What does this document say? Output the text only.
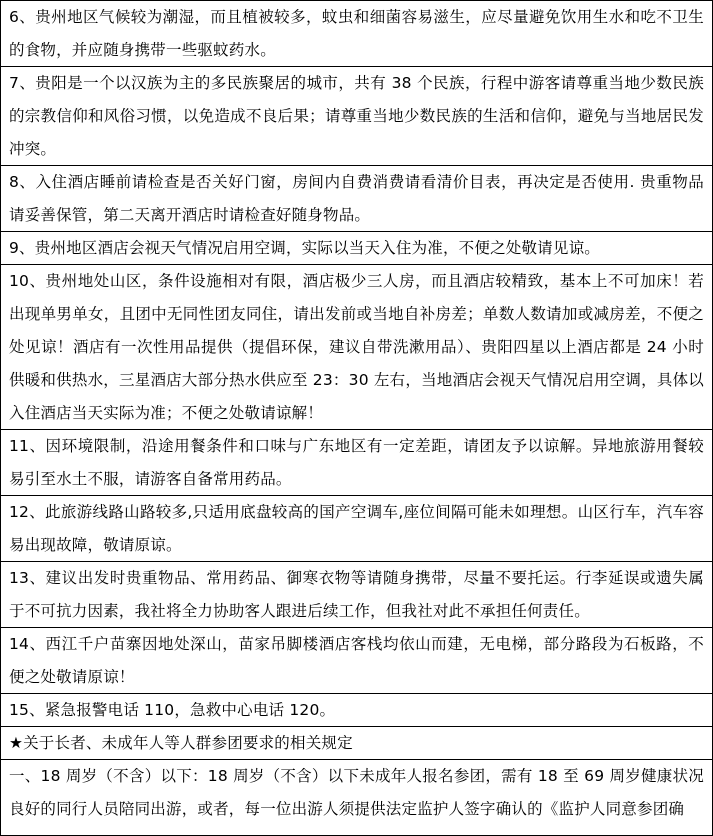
6、贵州地区气候较为潮湿，而且植被较多，蚊虫和细菌容易滋生，应尽量避免饮用生水和吃不卫生的食物，并应随身携带一些驱蚊药水。

7、贵阳是一个以汉族为主的多民族聚居的城市，共有 38 个民族，行程中游客请尊重当地少数民族的宗教信仰和风俗习惯，以免造成不良后果；请尊重当地少数民族的生活和信仰，避免与当地居民发冲突。

8、入住酒店睡前请检查是否关好门窗，房间内自费消费请看清价目表，再决定是否使用. 贵重物品请妥善保管，第二天离开酒店时请检查好随身物品。

9、贵州地区酒店会视天气情况启用空调，实际以当天入住为准，不便之处敬请见谅。

10、贵州地处山区，条件设施相对有限，酒店极少三人房，而且酒店较精致，基本上不可加床！若出现单男单女，且团中无同性团友同住，请出发前或当地自补房差；单数人数请加或减房差，不便之处见谅！酒店有一次性用品提供（提倡环保，建议自带洗漱用品）、贵阳四星以上酒店都是 24 小时供暖和供热水，三星酒店大部分热水供应至 23：30 左右，当地酒店会视天气情况启用空调，具体以入住酒店当天实际为准；不便之处敬请谅解！

11、因环境限制，沿途用餐条件和口味与广东地区有一定差距，请团友予以谅解。异地旅游用餐较易引至水土不服，请游客自备常用药品。

12、此旅游线路山路较多,只适用底盘较高的国产空调车,座位间隔可能未如理想。山区行车，汽车容易出现故障，敬请原谅。

13、建议出发时贵重物品、常用药品、御寒衣物等请随身携带，尽量不要托运。行李延误或遗失属于不可抗力因素，我社将全力协助客人跟进后续工作，但我社对此不承担任何责任。

14、西江千户苗寨因地处深山，苗家吊脚楼酒店客栈均依山而建，无电梯，部分路段为石板路，不便之处敬请原谅！

15、紧急报警电话 110，急救中心电话 120。

★关于长者、未成年人等人群参团要求的相关规定

一、18 周岁（不含）以下：18 周岁（不含）以下未成年人报名参团，需有 18 至 69 周岁健康状况良好的同行人员陪同出游，或者，每一位出游人须提供法定监护人签字确认的《监护人同意参团确
